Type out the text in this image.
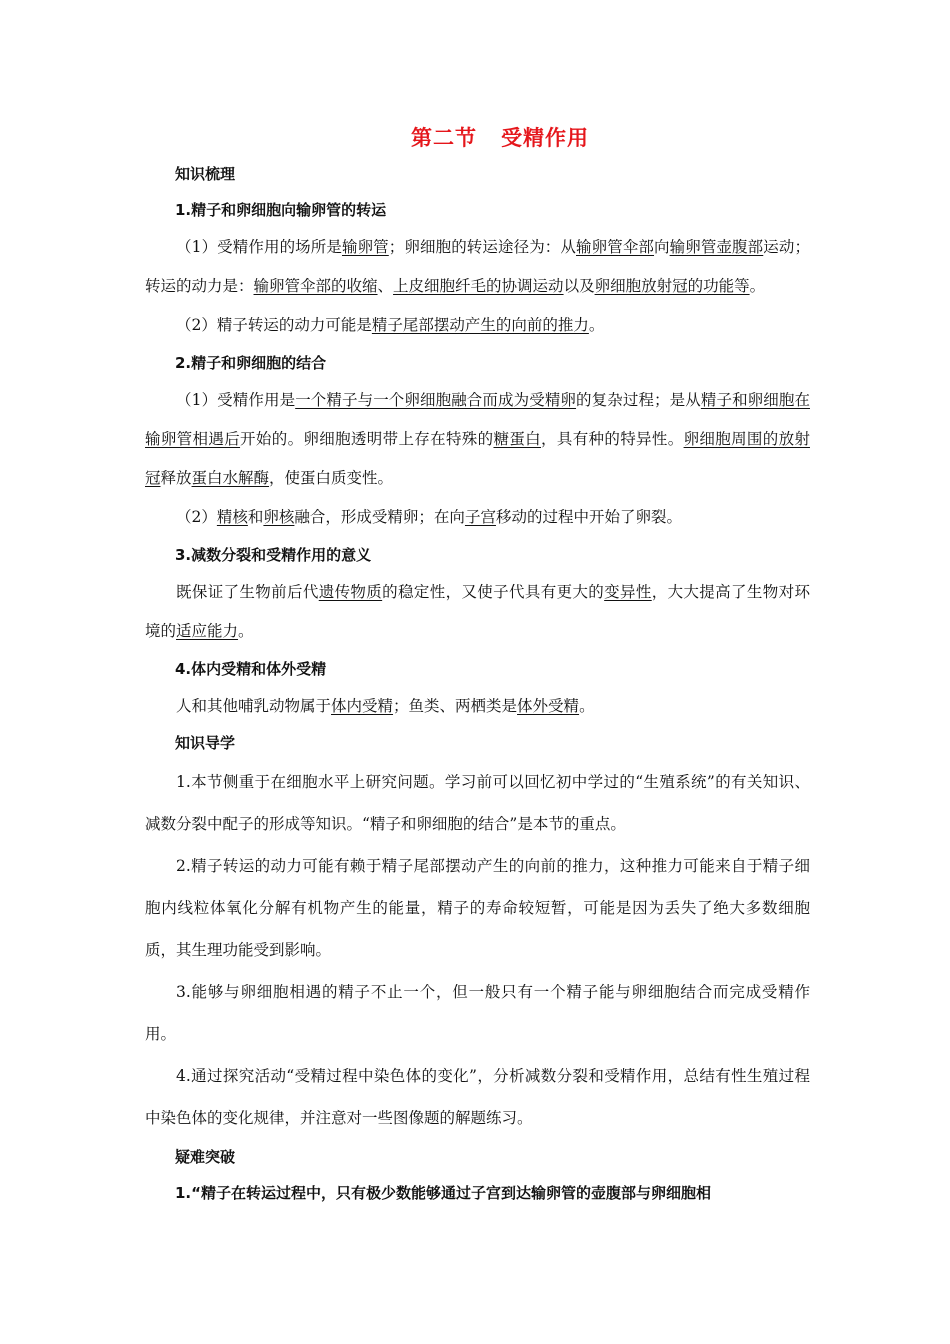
第二节 受精作用
知识梳理
1.精子和卵细胞向输卵管的转运

（1）受精作用的场所是输卵管；卵细胞的转运途径为：从输卵管伞部向输卵管壶腹部运动；转运的动力是：输卵管伞部的收缩、上皮细胞纤毛的协调运动以及卵细胞放射冠的功能等。

（2）精子转运的动力可能是精子尾部摆动产生的向前的推力。

2.精子和卵细胞的结合

（1）受精作用是一个精子与一个卵细胞融合而成为受精卵的复杂过程；是从精子和卵细胞在输卵管相遇后开始的。卵细胞透明带上存在特殊的糖蛋白，具有种的特异性。卵细胞周围的放射冠释放蛋白水解酶，使蛋白质变性。

（2）精核和卵核融合，形成受精卵；在向子宫移动的过程中开始了卵裂。

3.减数分裂和受精作用的意义

既保证了生物前后代遗传物质的稳定性，又使子代具有更大的变异性，大大提高了生物对环境的适应能力。

4.体内受精和体外受精

人和其他哺乳动物属于体内受精；鱼类、两栖类是体外受精。

知识导学

1.本节侧重于在细胞水平上研究问题。学习前可以回忆初中学过的“生殖系统”的有关知识、减数分裂中配子的形成等知识。“精子和卵细胞的结合”是本节的重点。

2.精子转运的动力可能有赖于精子尾部摆动产生的向前的推力，这种推力可能来自于精子细胞内线粒体氧化分解有机物产生的能量，精子的寿命较短暂，可能是因为丢失了绝大多数细胞质，其生理功能受到影响。

3.能够与卵细胞相遇的精子不止一个，但一般只有一个精子能与卵细胞结合而完成受精作用。

4.通过探究活动“受精过程中染色体的变化”，分析减数分裂和受精作用，总结有性生殖过程中染色体的变化规律，并注意对一些图像题的解题练习。

疑难突破
1.“精子在转运过程中，只有极少数能够通过子宫到达输卵管的壶腹部与卵细胞相
